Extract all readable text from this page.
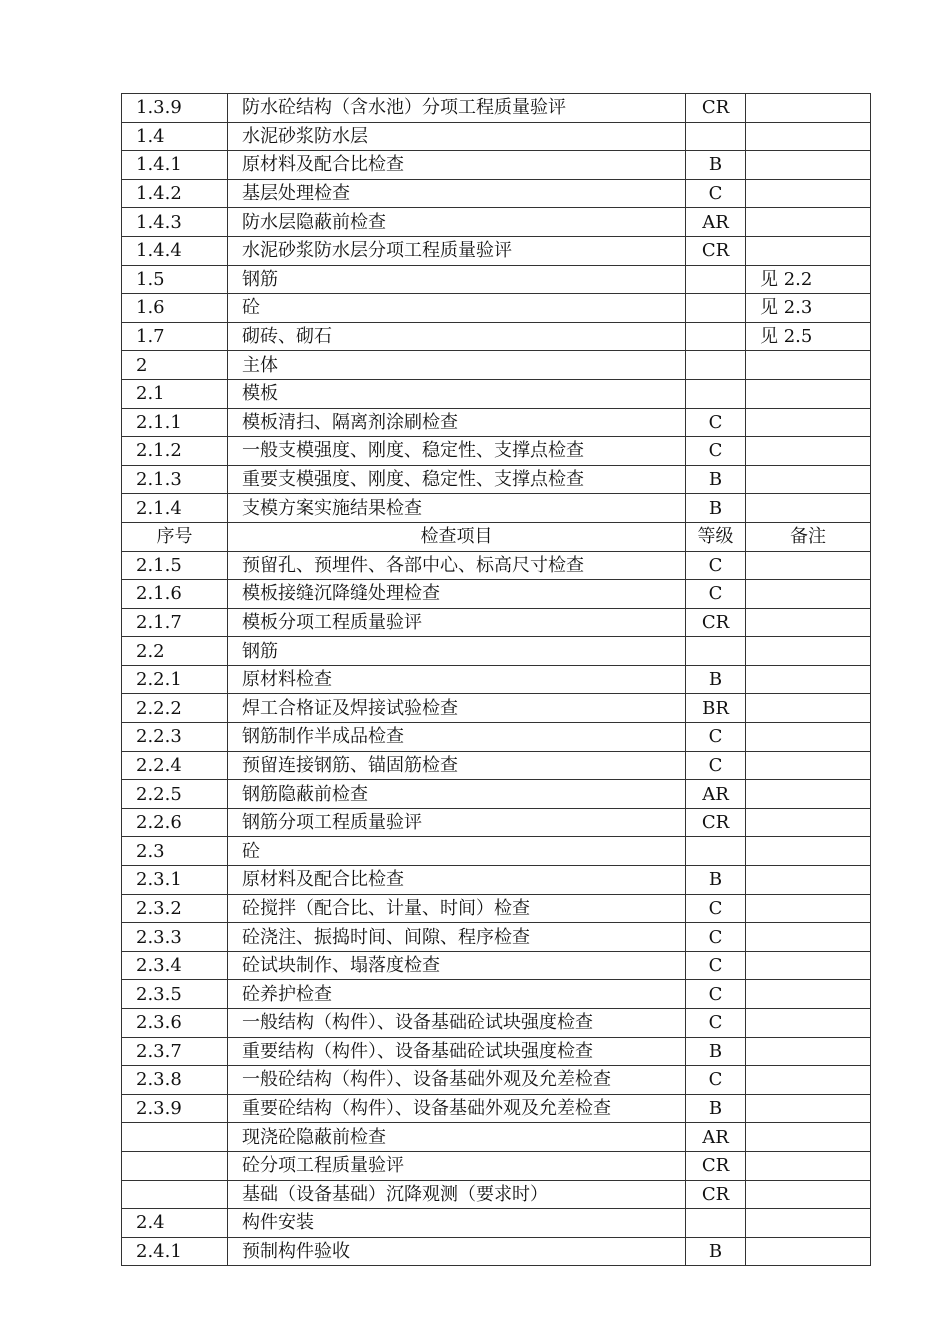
1.3.9	防水砼结构（含水池）分项工程质量验评	CR	
1.4	水泥砂浆防水层		
1.4.1	原材料及配合比检查	B	
1.4.2	基层处理检查	C	
1.4.3	防水层隐蔽前检查	AR	
1.4.4	水泥砂浆防水层分项工程质量验评	CR	
1.5	钢筋		见 2.2
1.6	砼		见 2.3
1.7	砌砖、砌石		见 2.5
2	主体		
2.1	模板		
2.1.1	模板清扫、隔离剂涂刷检查	C	
2.1.2	一般支模强度、刚度、稳定性、支撑点检查	C	
2.1.3	重要支模强度、刚度、稳定性、支撑点检查	B	
2.1.4	支模方案实施结果检查	B	
序号	检查项目	等级	备注
2.1.5	预留孔、预埋件、各部中心、标高尺寸检查	C	
2.1.6	模板接缝沉降缝处理检查	C	
2.1.7	模板分项工程质量验评	CR	
2.2	钢筋		
2.2.1	原材料检查	B	
2.2.2	焊工合格证及焊接试验检查	BR	
2.2.3	钢筋制作半成品检查	C	
2.2.4	预留连接钢筋、锚固筋检查	C	
2.2.5	钢筋隐蔽前检查	AR	
2.2.6	钢筋分项工程质量验评	CR	
2.3	砼		
2.3.1	原材料及配合比检查	B	
2.3.2	砼搅拌（配合比、计量、时间）检查	C	
2.3.3	砼浇注、振捣时间、间隙、程序检查	C	
2.3.4	砼试块制作、塌落度检查	C	
2.3.5	砼养护检查	C	
2.3.6	一般结构（构件）、设备基础砼试块强度检查	C	
2.3.7	重要结构（构件）、设备基础砼试块强度检查	B	
2.3.8	一般砼结构（构件）、设备基础外观及允差检查	C	
2.3.9	重要砼结构（构件）、设备基础外观及允差检查	B	
	现浇砼隐蔽前检查	AR	
	砼分项工程质量验评	CR	
	基础（设备基础）沉降观测（要求时）	CR	
2.4	构件安装		
2.4.1	预制构件验收	B	
